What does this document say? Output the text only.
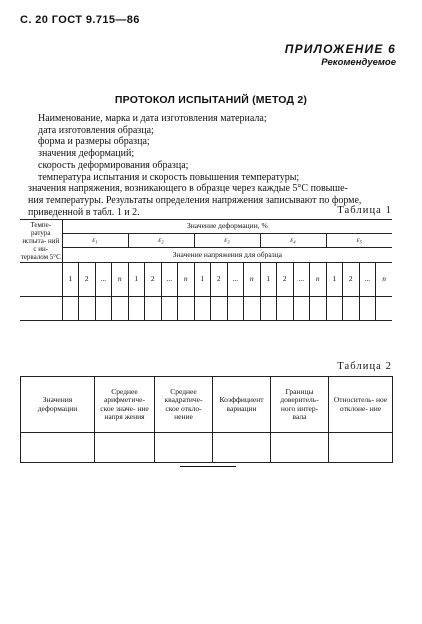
С. 20 ГОСТ 9.715—86
ПРИЛОЖЕНИЕ 6
Рекомендуемое
ПРОТОКОЛ ИСПЫТАНИЙ (МЕТОД 2)
Наименование, марка и дата изготовления материала;
дата изготовления образца;
форма и размеры образца;
значения деформаций;
скорость деформирования образца;
температура испытания и скорость повышения температуры;
значения напряжения, возникающего в образце через каждые 5°С повыше-
ния температуры. Результаты определения напряжения записывают по форме,
приведенной в табл. 1 и 2.	Таблица 1
Темпе- ратура испыта- ний с ин- тервалом 5°С	Значение деформации, %																			
	ε₁				ε₂				ε₃				ε₄				ε₅			
	Значение напряжения для образца																			
	1	2	...	n	1	2	...	n	1	2	...	n	1	2	...	n	1	2	...	n

Таблица 2
Значения деформации	Среднее арифметиче- ское значе- ние напря жения	Среднее квадратиче- ское откло- нение	Коэффициент вариации	Границы доверитель- ного интер- вала	Относитель- ное отклоне- ние
